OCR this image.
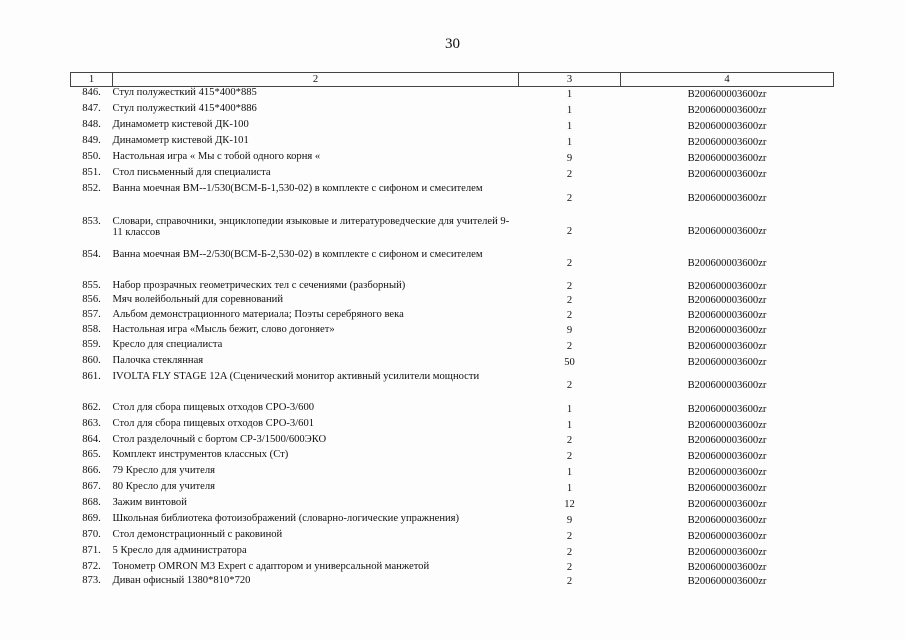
30
1	2	3	4
846.	Стул полужесткий 415*400*885	1	B200600003600zr
847.	Стул полужесткий 415*400*886	1	B200600003600zr
848.	Динамометр кистевой ДК-100	1	B200600003600zr
849.	Динамометр кистевой ДК-101	1	B200600003600zr
850.	Настольная игра « Мы с тобой одного корня «	9	B200600003600zr
851.	Стол письменный для специалиста	2	B200600003600zr
852.	Ванна моечная ВМ--1/530(ВСМ-Б-1,530-02) в комплекте с сифоном и смесителем	2	B200600003600zr
853.	Словари, справочники, энциклопедии языковые и литературоведческие для учителей 9-11 классов	2	B200600003600zr
854.	Ванна моечная ВМ--2/530(ВСМ-Б-2,530-02) в комплекте с сифоном и смесителем	2	B200600003600zr
855.	Набор прозрачных геометрических тел с сечениями (разборный)	2	B200600003600zr
856.	Мяч волейбольный для соревнований	2	B200600003600zr
857.	Альбом демонстрационного материала; Поэты серебряного века	2	B200600003600zr
858.	Настольная игра «Мысль бежит, слово догоняет»	9	B200600003600zr
859.	Кресло для специалиста	2	B200600003600zr
860.	Палочка стеклянная	50	B200600003600zr
861.	IVOLTA FLY STAGE 12A (Сценический монитор активный усилители мощности	2	B200600003600zr
862.	Стол для сбора пищевых отходов СРО-3/600	1	B200600003600zr
863.	Стол для сбора пищевых отходов СРО-3/601	1	B200600003600zr
864.	Стол разделочный с бортом СР-3/1500/600ЭКО	2	B200600003600zr
865.	Комплект инструментов классных (Ст)	2	B200600003600zr
866.	79 Кресло для учителя	1	B200600003600zr
867.	80 Кресло для учителя	1	B200600003600zr
868.	Зажим винтовой	12	B200600003600zr
869.	Школьная библиотека фотоизображений (словарно-логические упражнения)	9	B200600003600zr
870.	Стол демонстрационный с раковиной	2	B200600003600zr
871.	5 Кресло для администратора	2	B200600003600zr
872.	Тонометр OMRON M3 Expert с адаптором и универсальной манжетой	2	B200600003600zr
873.	Диван офисный 1380*810*720	2	B200600003600zr
